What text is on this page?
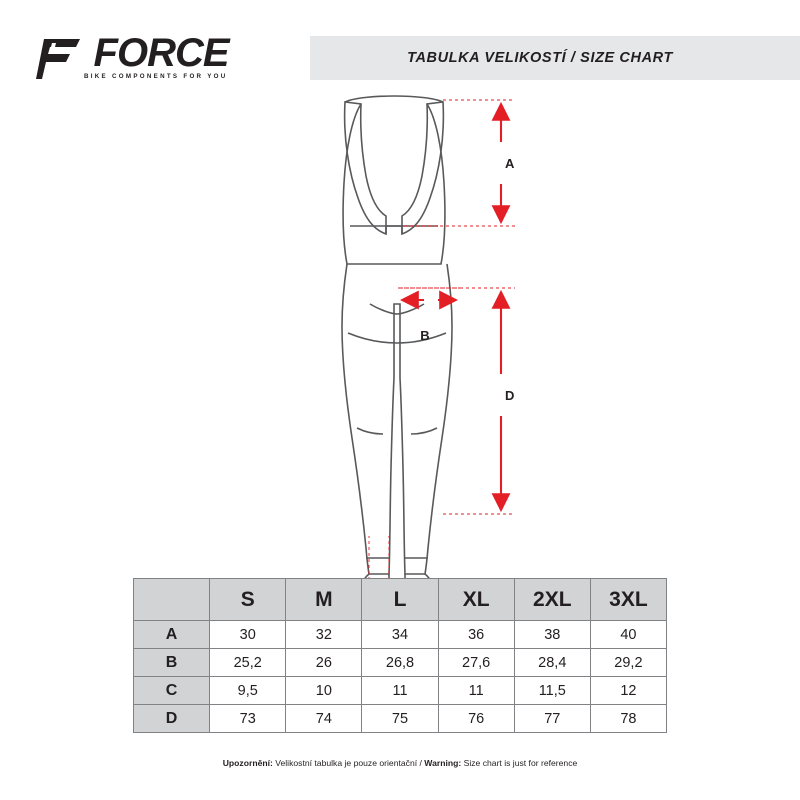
FORCE
BIKE COMPONENTS FOR YOU
TABULKA VELIKOSTÍ / SIZE CHART
A
B
D
	S	M	L	XL	2XL	3XL
A	30	32	34	36	38	40
B	25,2	26	26,8	27,6	28,4	29,2
C	9,5	10	11	11	11,5	12
D	73	74	75	76	77	78
Upozornění: Velikostní tabulka je pouze orientační / Warning: Size chart is just for reference
